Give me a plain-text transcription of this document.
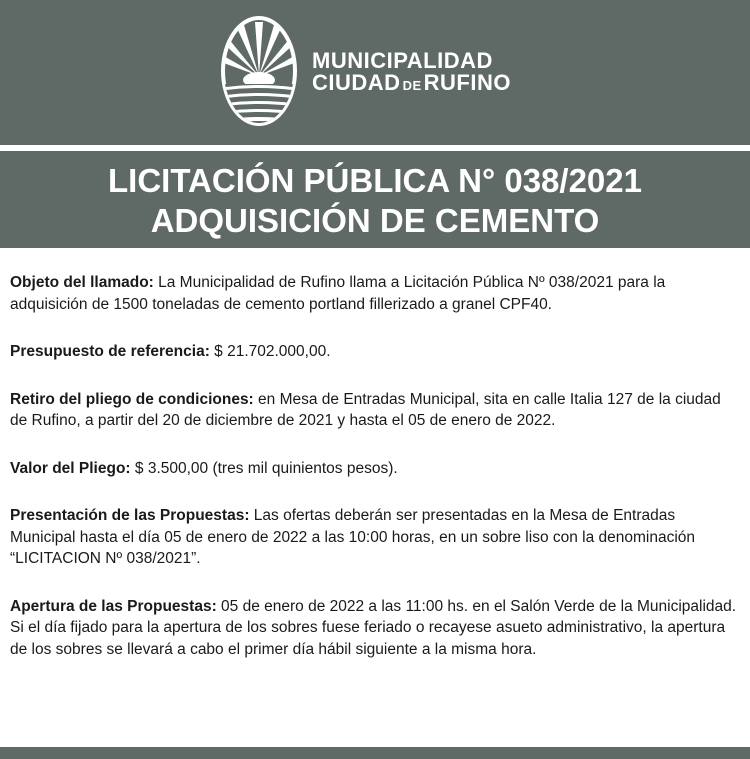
MUNICIPALIDAD
CIUDAD DERUFINO
LICITACIÓN PÚBLICA N° 038/2021
ADQUISICIÓN DE CEMENTO

Objeto del llamado: La Municipalidad de Rufino llama a Licitación Pública Nº 038/2021 para la adquisición de 1500 toneladas de cemento portland fillerizado a granel CPF40.

Presupuesto de referencia: $ 21.702.000,00.

Retiro del pliego de condiciones: en Mesa de Entradas Municipal, sita en calle Italia 127 de la ciudad de Rufino, a partir del 20 de diciembre de 2021 y hasta el 05 de enero de 2022.

Valor del Pliego: $ 3.500,00 (tres mil quinientos pesos).

Presentación de las Propuestas: Las ofertas deberán ser presentadas en la Mesa de Entradas Municipal hasta el día 05 de enero de 2022 a las 10:00 horas, en un sobre liso con la denominación “LICITACION Nº 038/2021”.

Apertura de las Propuestas: 05 de enero de 2022 a las 11:00 hs. en el Salón Verde de la Municipalidad. Si el día fijado para la apertura de los sobres fuese feriado o recayese asueto administrativo, la apertura de los sobres se llevará a cabo el primer día hábil siguiente a la misma hora.
